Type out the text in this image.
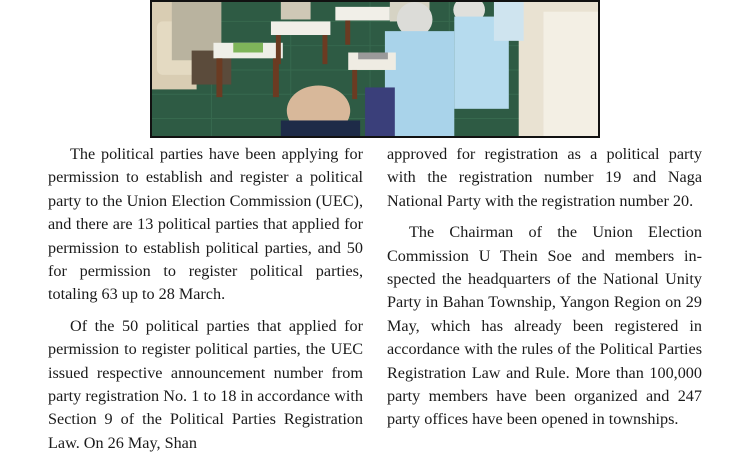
The political parties have been applying for permission to establish and register a political party to the Union Election Commission (UEC), and there are 13 political parties that applied for permission to establish political parties, and 50 for permission to register political parties, totaling 63 up to 28 March.

Of the 50 political parties that applied for permission to register political parties, the UEC issued respective announcement number from party registration No. 1 to 18 in accordance with Section 9 of the Political Parties Registration Law. On 26 May, Shan

approved for registration as a political party with the registration number 19 and Naga National Party with the registration number 20.

The Chairman of the Union Election Commission U Thein Soe and members inspected the headquarters of the National Unity Party in Bahan Township, Yangon Region on 29 May, which has already been registered in accordance with the rules of the Political Parties Registration Law and Rule. More than 100,000 party members have been organized and 247 party offices have been opened in townships.
